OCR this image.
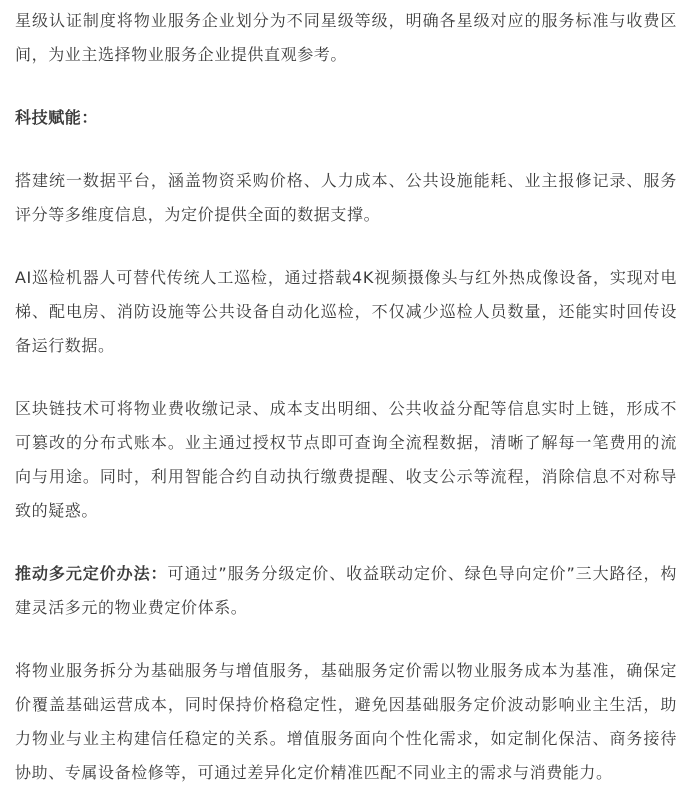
星级认证制度将物业服务企业划分为不同星级等级，明确各星级对应的服务标准与收费区间，为业主选择物业服务企业提供直观参考。

科技赋能：

搭建统一数据平台，涵盖物资采购价格、人力成本、公共设施能耗、业主报修记录、服务评分等多维度信息，为定价提供全面的数据支撑。

AI巡检机器人可替代传统人工巡检，通过搭载4K视频摄像头与红外热成像设备，实现对电梯、配电房、消防设施等公共设备自动化巡检，不仅减少巡检人员数量，还能实时回传设备运行数据。

区块链技术可将物业费收缴记录、成本支出明细、公共收益分配等信息实时上链，形成不可篡改的分布式账本。业主通过授权节点即可查询全流程数据，清晰了解每一笔费用的流向与用途。同时，利用智能合约自动执行缴费提醒、收支公示等流程，消除信息不对称导致的疑惑。

推动多元定价办法：可通过”服务分级定价、收益联动定价、绿色导向定价”三大路径，构建灵活多元的物业费定价体系。

将物业服务拆分为基础服务与增值服务，基础服务定价需以物业服务成本为基准，确保定价覆盖基础运营成本，同时保持价格稳定性，避免因基础服务定价波动影响业主生活，助力物业与业主构建信任稳定的关系。增值服务面向个性化需求，如定制化保洁、商务接待协助、专属设备检修等，可通过差异化定价精准匹配不同业主的需求与消费能力。
